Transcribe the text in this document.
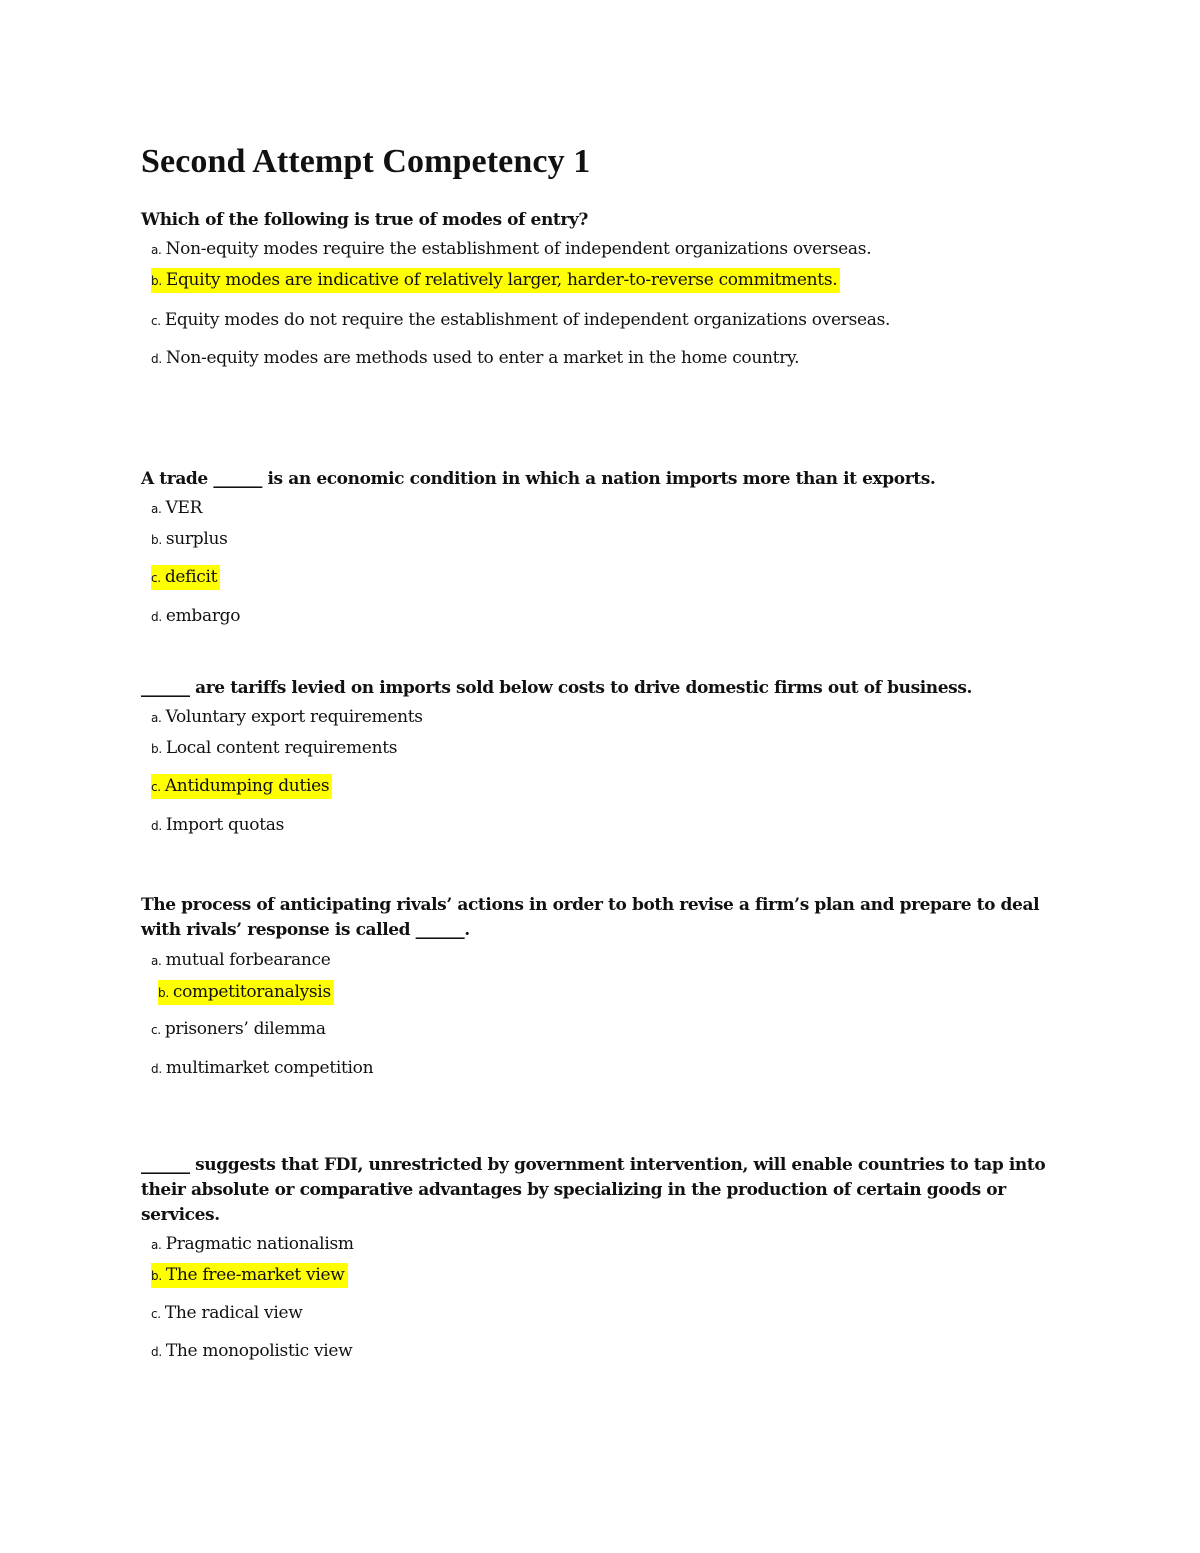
Second Attempt Competency 1

Which of the following is true of modes of entry?

a. Non-equity modes require the establishment of independent organizations overseas.
b. Equity modes are indicative of relatively larger, harder-to-reverse commitments.
c. Equity modes do not require the establishment of independent organizations overseas.
d. Non-equity modes are methods used to enter a market in the home country.

A trade ______ is an economic condition in which a nation imports more than it exports.

a. VER
b. surplus
c. deficit
d. embargo

______ are tariffs levied on imports sold below costs to drive domestic firms out of business.

a. Voluntary export requirements
b. Local content requirements
c. Antidumping duties
d. Import quotas

The process of anticipating rivals’ actions in order to both revise a firm’s plan and prepare to deal with rivals’ response is called ______.

a. mutual forbearance
b. competitoranalysis
c. prisoners’ dilemma
d. multimarket competition

______ suggests that FDI, unrestricted by government intervention, will enable countries to tap into their absolute or comparative advantages by specializing in the production of certain goods or services.

a. Pragmatic nationalism
b. The free-market view
c. The radical view
d. The monopolistic view
